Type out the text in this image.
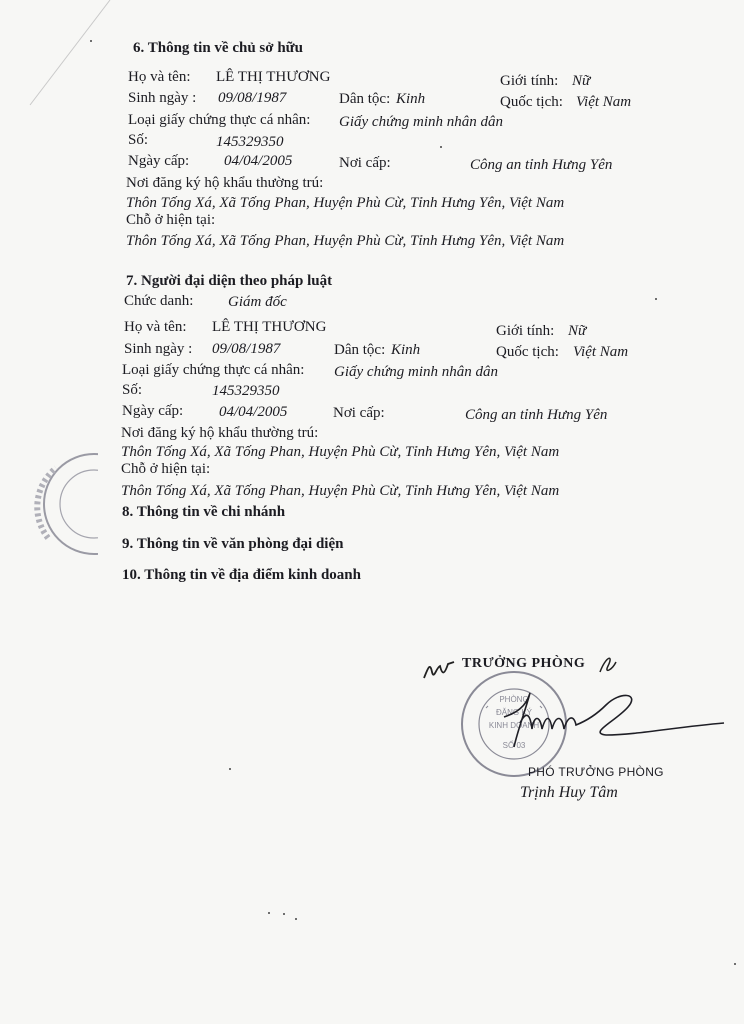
6. Thông tin về chủ sở hữu
Họ và tên: LÊ THỊ THƯƠNG	Giới tính: Nữ
Sinh ngày : 09/08/1987	Dân tộc: Kinh	Quốc tịch: Việt Nam
Loại giấy chứng thực cá nhân: Giấy chứng minh nhân dân
Số:	145329350
Ngày cấp: 04/04/2005	Nơi cấp:	Công an tỉnh Hưng Yên
Nơi đăng ký hộ khẩu thường trú:
Thôn Tống Xá, Xã Tống Phan, Huyện Phù Cừ, Tỉnh Hưng Yên, Việt Nam
Chỗ ở hiện tại:
Thôn Tống Xá, Xã Tống Phan, Huyện Phù Cừ, Tỉnh Hưng Yên, Việt Nam
7. Người đại diện theo pháp luật
Chức danh: Giám đốc
Họ và tên: LÊ THỊ THƯƠNG	Giới tính: Nữ
Sinh ngày : 09/08/1987	Dân tộc: Kinh	Quốc tịch: Việt Nam
Loại giấy chứng thực cá nhân: Giấy chứng minh nhân dân
Số:	145329350
Ngày cấp: 04/04/2005	Nơi cấp:	Công an tỉnh Hưng Yên
Nơi đăng ký hộ khẩu thường trú:
Thôn Tống Xá, Xã Tống Phan, Huyện Phù Cừ, Tỉnh Hưng Yên, Việt Nam
Chỗ ở hiện tại:
Thôn Tống Xá, Xã Tống Phan, Huyện Phù Cừ, Tỉnh Hưng Yên, Việt Nam
8. Thông tin về chi nhánh
9. Thông tin về văn phòng đại diện
10. Thông tin về địa điểm kinh doanh
TRƯỞNG PHÒNG
PHÒNG
ĐĂNG KÝ
KINH DOANH
SỐ 03
PHÓ TRƯỞNG PHÒNG
Trịnh Huy Tâm
